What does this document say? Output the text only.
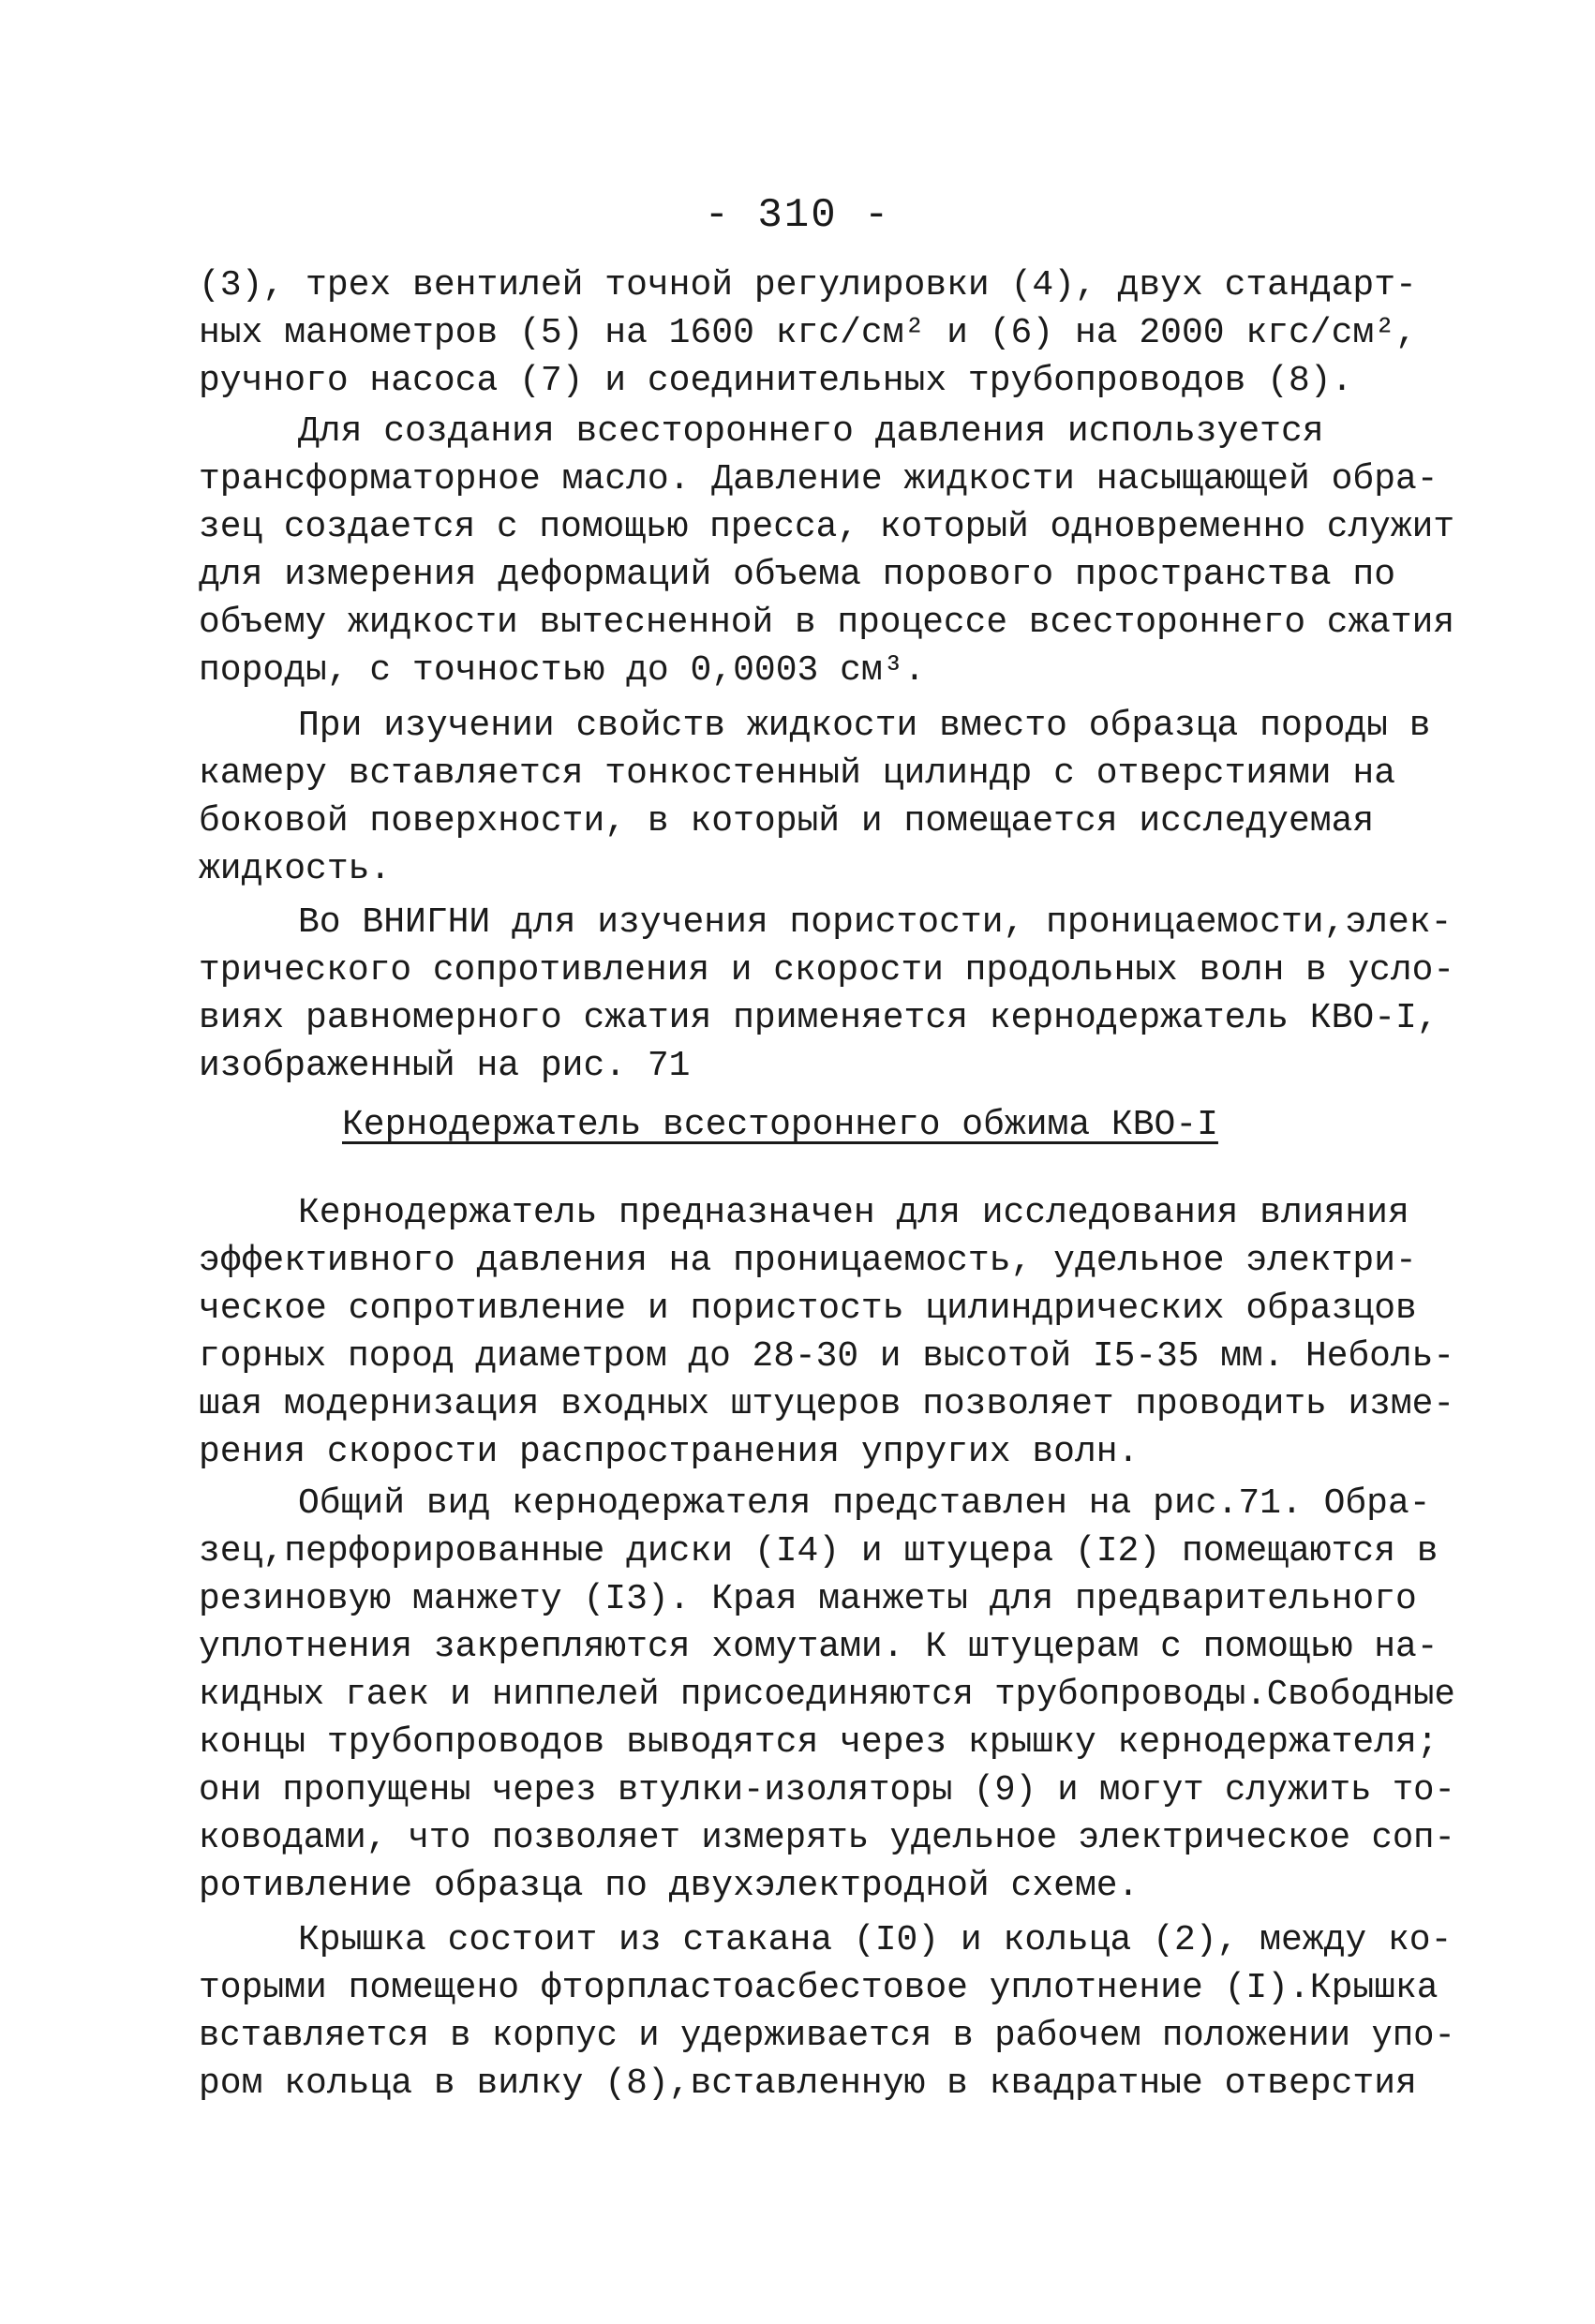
- 310 -
(3), трех вентилей точной регулировки (4), двух стандарт-
ных манометров (5) на 1600 кгс/см² и (6) на 2000 кгс/см²,
ручного насоса (7) и соединительных трубопроводов (8).
Для создания всестороннего давления используется
трансформаторное масло. Давление жидкости насыщающей обра-
зец создается с помощью пресса, который одновременно служит
для измерения деформаций объема порового пространства по
объему жидкости вытесненной в процессе всестороннего сжатия
породы, с точностью до 0,0003 см³.
При изучении свойств жидкости вместо образца породы в
камеру вставляется тонкостенный цилиндр с отверстиями на
боковой поверхности, в который и помещается исследуемая
жидкость.
Во ВНИГНИ для изучения пористости, проницаемости,элек-
трического сопротивления и скорости продольных волн в усло-
виях равномерного сжатия применяется кернодержатель КВО-I,
изображенный на рис. 71
Кернодержатель всестороннего обжима КВО-I
Кернодержатель предназначен для исследования влияния
эффективного давления на проницаемость, удельное электри-
ческое сопротивление и пористость цилиндрических образцов
горных пород диаметром до 28-30 и высотой I5-35 мм. Неболь-
шая модернизация входных штуцеров позволяет проводить изме-
рения скорости распространения упругих волн.
Общий вид кернодержателя представлен на рис.71. Обра-
зец,перфорированные диски (I4) и штуцера (I2) помещаются в
резиновую манжету (I3). Края манжеты для предварительного
уплотнения закрепляются хомутами. К штуцерам с помощью на-
кидных гаек и ниппелей присоединяются трубопроводы.Свободные
концы трубопроводов выводятся через крышку кернодержателя;
они пропущены через втулки-изоляторы (9) и могут служить то-
ководами, что позволяет измерять удельное электрическое соп-
ротивление образца по двухэлектродной схеме.
Крышка состоит из стакана (I0) и кольца (2), между ко-
торыми помещено фторпластоасбестовое уплотнение (I).Крышка
вставляется в корпус и удерживается в рабочем положении упо-
ром кольца в вилку (8),вставленную в квадратные отверстия
